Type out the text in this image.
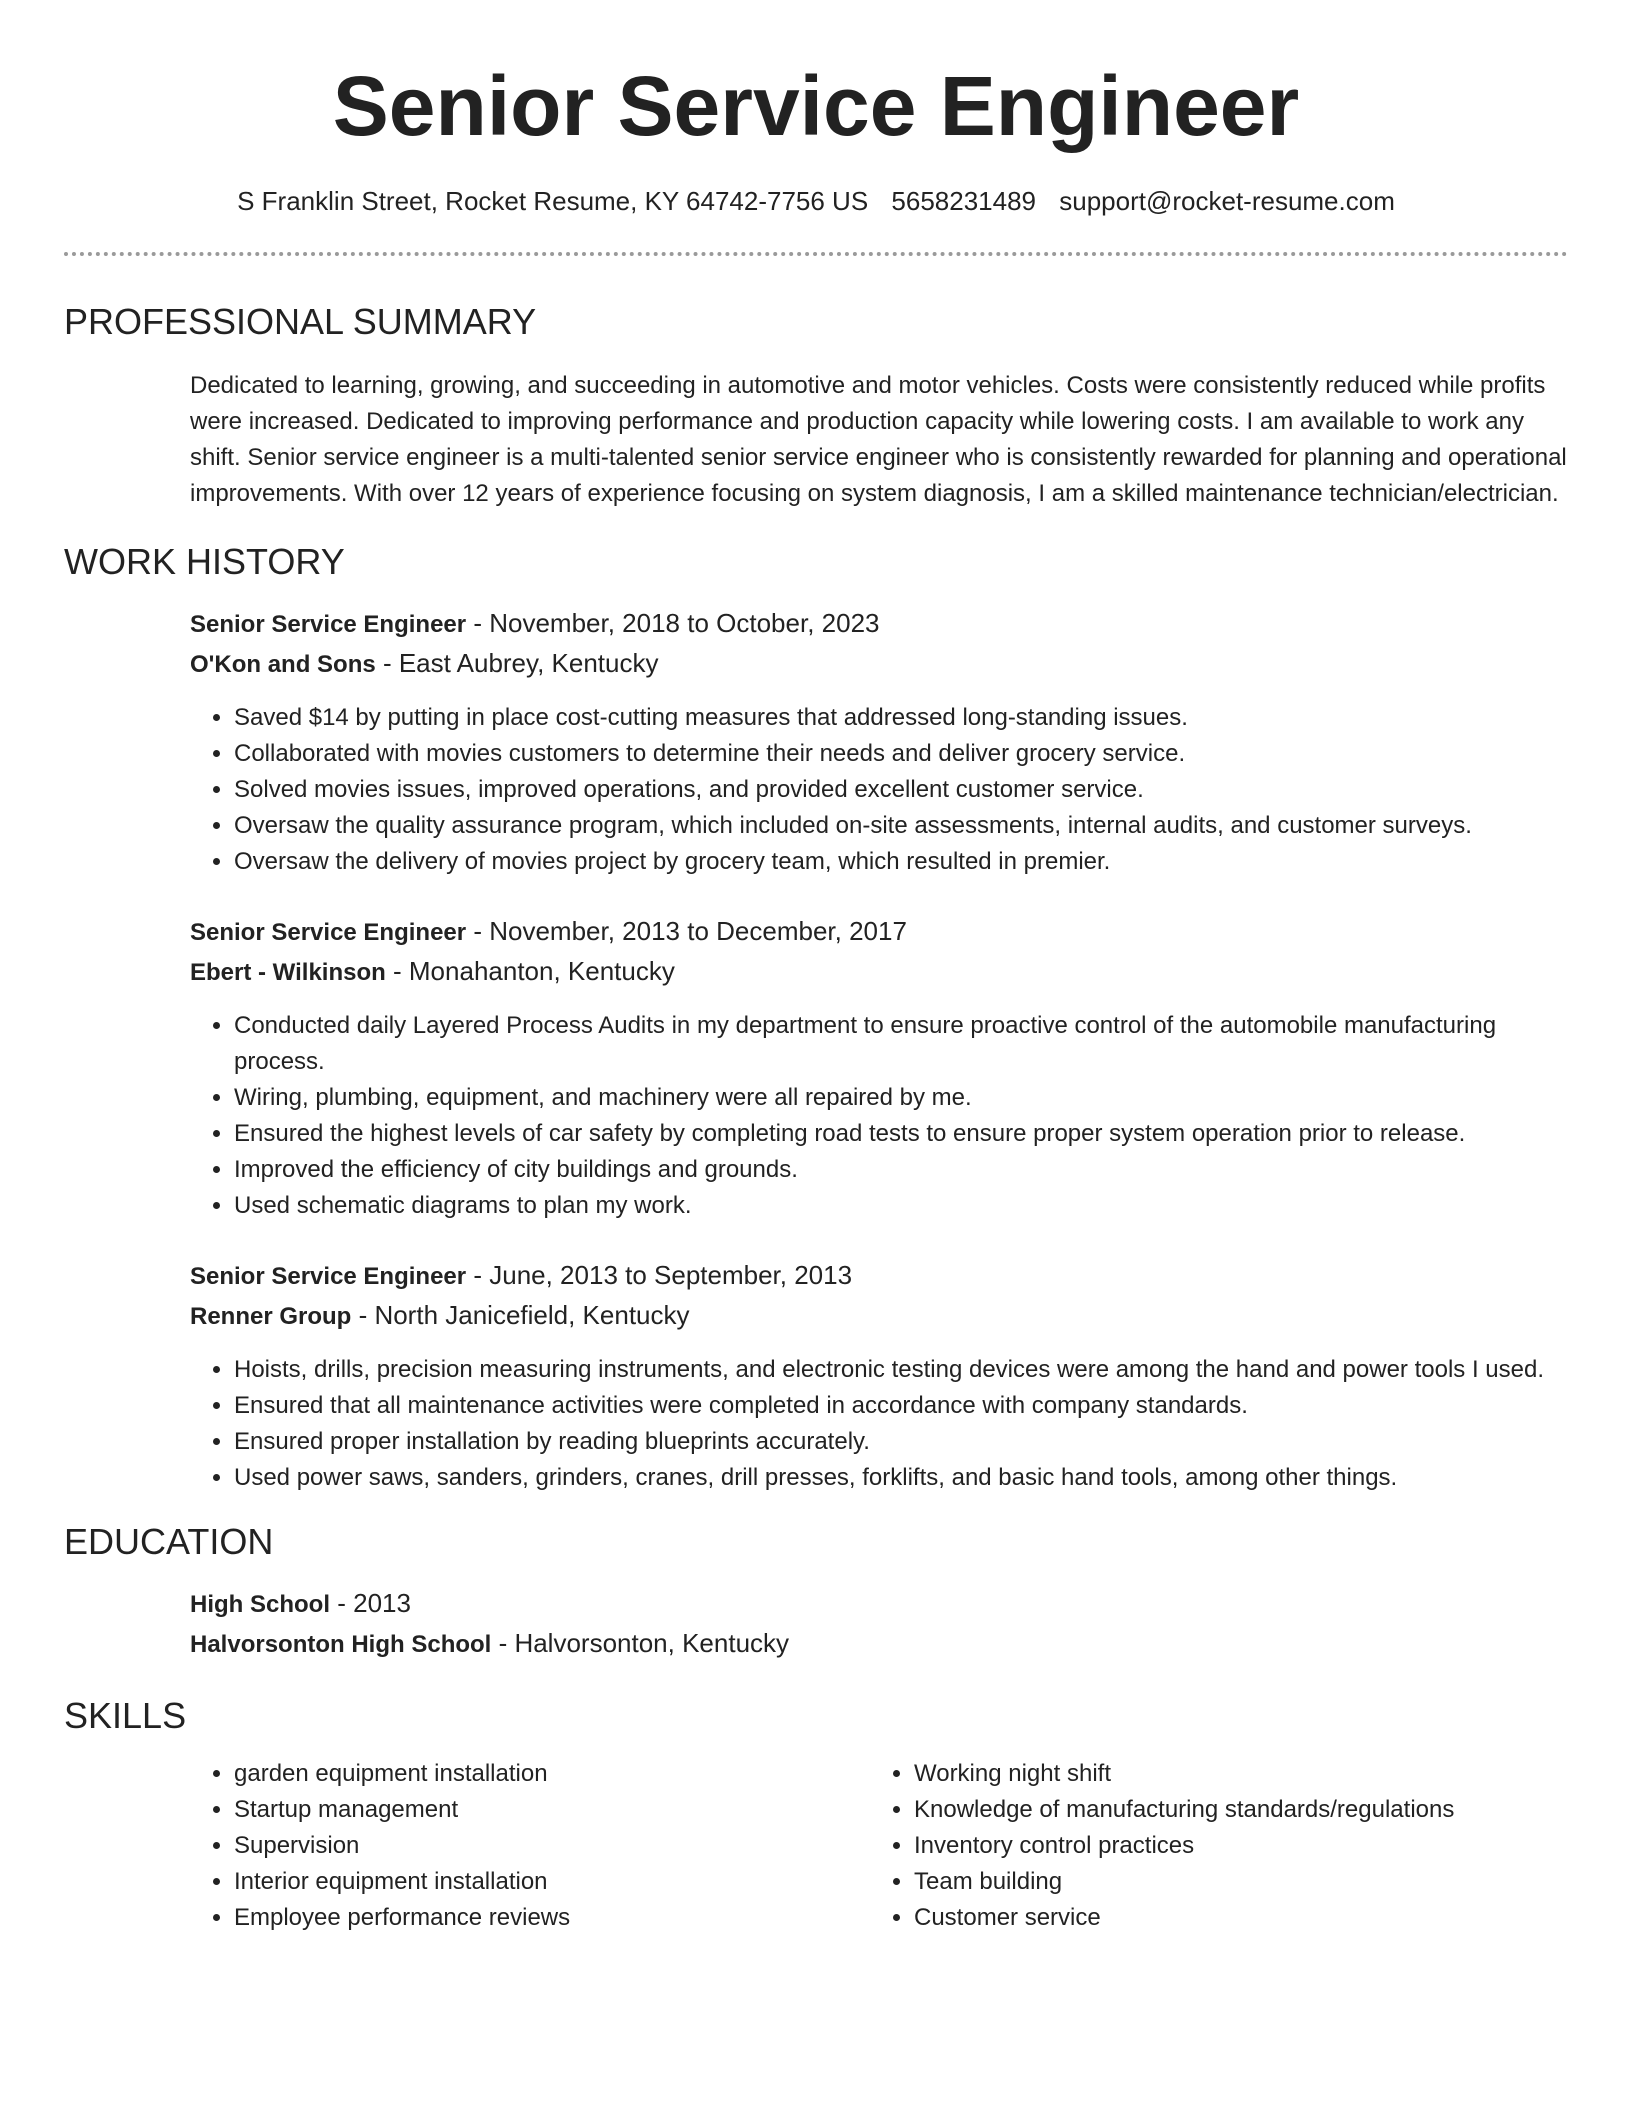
Senior Service Engineer
S Franklin Street, Rocket Resume, KY 64742-7756 US 5658231489 support@rocket-resume.com
PROFESSIONAL SUMMARY

Dedicated to learning, growing, and succeeding in automotive and motor vehicles. Costs were consistently reduced while profits were increased. Dedicated to improving performance and production capacity while lowering costs. I am available to work any shift. Senior service engineer is a multi-talented senior service engineer who is consistently rewarded for planning and operational improvements. With over 12 years of experience focusing on system diagnosis, I am a skilled maintenance technician/electrician.

WORK HISTORY
Senior Service Engineer - November, 2018 to October, 2023
O'Kon and Sons - East Aubrey, Kentucky
• Saved $14 by putting in place cost-cutting measures that addressed long-standing issues.
• Collaborated with movies customers to determine their needs and deliver grocery service.
• Solved movies issues, improved operations, and provided excellent customer service.
• Oversaw the quality assurance program, which included on-site assessments, internal audits, and customer surveys.
• Oversaw the delivery of movies project by grocery team, which resulted in premier.
Senior Service Engineer - November, 2013 to December, 2017
Ebert - Wilkinson - Monahanton, Kentucky
• Conducted daily Layered Process Audits in my department to ensure proactive control of the automobile manufacturing process.
• Wiring, plumbing, equipment, and machinery were all repaired by me.
• Ensured the highest levels of car safety by completing road tests to ensure proper system operation prior to release.
• Improved the efficiency of city buildings and grounds.
• Used schematic diagrams to plan my work.
Senior Service Engineer - June, 2013 to September, 2013
Renner Group - North Janicefield, Kentucky
• Hoists, drills, precision measuring instruments, and electronic testing devices were among the hand and power tools I used.
• Ensured that all maintenance activities were completed in accordance with company standards.
• Ensured proper installation by reading blueprints accurately.
• Used power saws, sanders, grinders, cranes, drill presses, forklifts, and basic hand tools, among other things.
EDUCATION
High School - 2013
Halvorsonton High School - Halvorsonton, Kentucky
SKILLS
• garden equipment installation
• Startup management
• Supervision
• Interior equipment installation
• Employee performance reviews
• Working night shift
• Knowledge of manufacturing standards/regulations
• Inventory control practices
• Team building
• Customer service
